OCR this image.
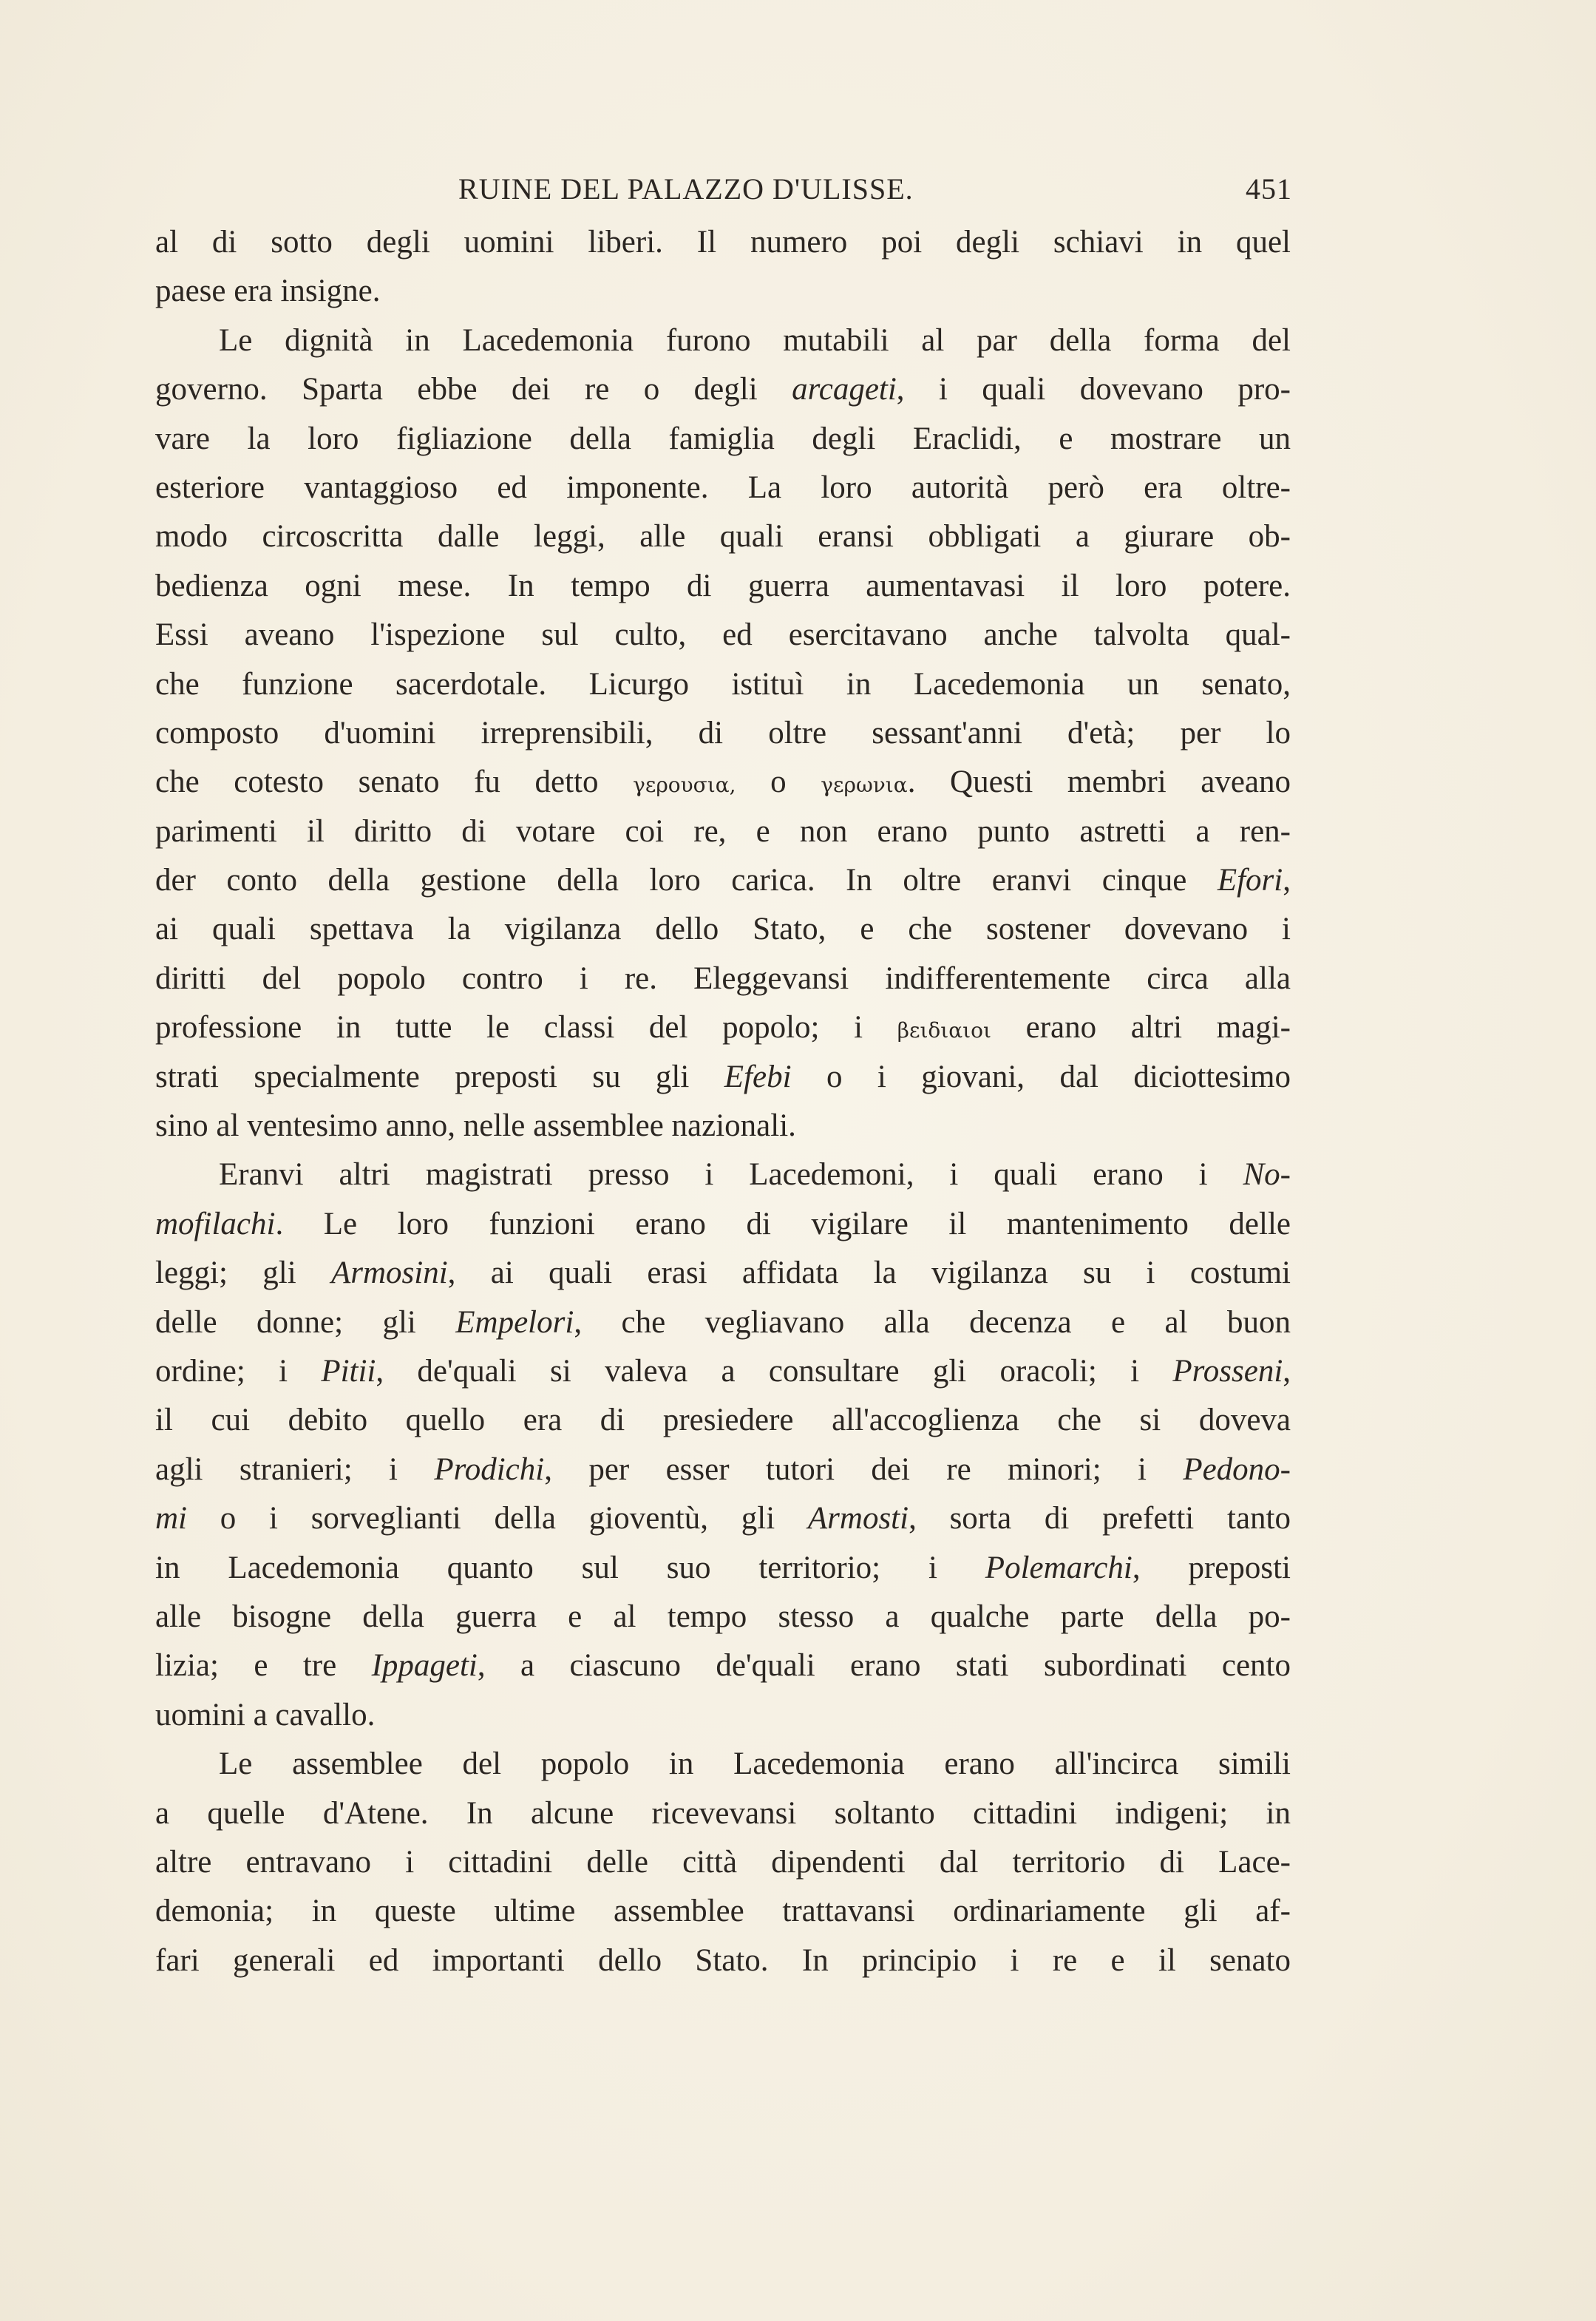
RUINE DEL PALAZZO D'ULISSE.	451
al di sotto degli uomini liberi. Il numero poi degli schiavi in quel
paese era insigne.
Le dignità in Lacedemonia furono mutabili al par della forma del
governo. Sparta ebbe dei re o degli arcageti, i quali dovevano pro-
vare la loro figliazione della famiglia degli Eraclidi, e mostrare un
esteriore vantaggioso ed imponente. La loro autorità però era oltre-
modo circoscritta dalle leggi, alle quali eransi obbligati a giurare ob-
bedienza ogni mese. In tempo di guerra aumentavasi il loro potere.
Essi aveano l'ispezione sul culto, ed esercitavano anche talvolta qual-
che funzione sacerdotale. Licurgo istituì in Lacedemonia un senato,
composto d'uomini irreprensibili, di oltre sessant'anni d'età; per lo
che cotesto senato fu detto γερουσια, o γερωνια. Questi membri aveano
parimenti il diritto di votare coi re, e non erano punto astretti a ren-
der conto della gestione della loro carica. In oltre eranvi cinque Efori,
ai quali spettava la vigilanza dello Stato, e che sostener dovevano i
diritti del popolo contro i re. Eleggevansi indifferentemente circa alla
professione in tutte le classi del popolo; i βειδιαιοι erano altri magi-
strati specialmente preposti su gli Efebi o i giovani, dal diciottesimo
sino al ventesimo anno, nelle assemblee nazionali.
Eranvi altri magistrati presso i Lacedemoni, i quali erano i No-
mofilachi. Le loro funzioni erano di vigilare il mantenimento delle
leggi; gli Armosini, ai quali erasi affidata la vigilanza su i costumi
delle donne; gli Empelori, che vegliavano alla decenza e al buon
ordine; i Pitii, de'quali si valeva a consultare gli oracoli; i Prosseni,
il cui debito quello era di presiedere all'accoglienza che si doveva
agli stranieri; i Prodichi, per esser tutori dei re minori; i Pedono-
mi o i sorveglianti della gioventù, gli Armosti, sorta di prefetti tanto
in Lacedemonia quanto sul suo territorio; i Polemarchi, preposti
alle bisogne della guerra e al tempo stesso a qualche parte della po-
lizia; e tre Ippageti, a ciascuno de'quali erano stati subordinati cento
uomini a cavallo.
Le assemblee del popolo in Lacedemonia erano all'incirca simili
a quelle d'Atene. In alcune ricevevansi soltanto cittadini indigeni; in
altre entravano i cittadini delle città dipendenti dal territorio di Lace-
demonia; in queste ultime assemblee trattavansi ordinariamente gli af-
fari generali ed importanti dello Stato. In principio i re e il senato
